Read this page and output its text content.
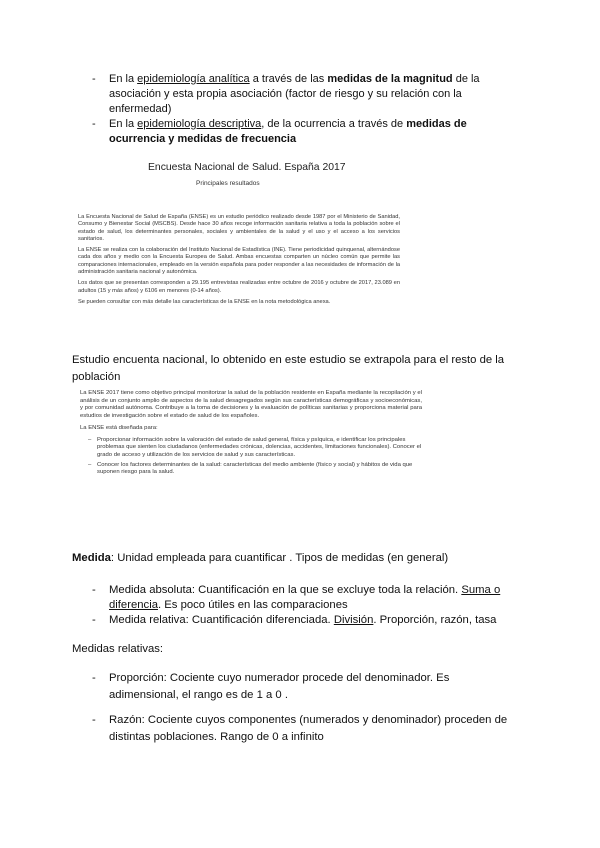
- En la epidemiología analítica a través de las medidas de la magnitud de la asociación y esta propia asociación (factor de riesgo y su relación con la enfermedad)
- En la epidemiología descriptiva, de la ocurrencia a través de medidas de ocurrencia y medidas de frecuencia
Encuesta Nacional de Salud. España 2017
Principales resultados

La Encuesta Nacional de Salud de España (ENSE) es un estudio periódico realizado desde 1987 por el Ministerio de Sanidad, Consumo y Bienestar Social (MSCBS). Desde hace 30 años recoge información sanitaria relativa a toda la población sobre el estado de salud, los determinantes personales, sociales y ambientales de la salud y el uso y el acceso a los servicios sanitarios.

La ENSE se realiza con la colaboración del Instituto Nacional de Estadística (INE). Tiene periodicidad quinquenal, alternándose cada dos años y medio con la Encuesta Europea de Salud. Ambas encuestas comparten un núcleo común que permite las comparaciones internacionales, empleado en la versión española para poder responder a las necesidades de información de la administración sanitaria nacional y autonómica.

Los datos que se presentan corresponden a 29.195 entrevistas realizadas entre octubre de 2016 y octubre de 2017, 23.089 en adultos (15 y más años) y 6106 en menores (0-14 años).

Se pueden consultar con más detalle las características de la ENSE en la nota metodológica anexa.

Estudio encuenta nacional, lo obtenido en este estudio se extrapola para el resto de la población

La ENSE 2017 tiene como objetivo principal monitorizar la salud de la población residente en España mediante la recopilación y el análisis de un conjunto amplio de aspectos de la salud desagregados según sus características demográficas y socioeconómicas, y por comunidad autónoma. Contribuye a la toma de decisiones y la evaluación de políticas sanitarias y proporciona material para estudios de investigación sobre el estado de salud de los españoles.

La ENSE está diseñada para:

– Proporcionar información sobre la valoración del estado de salud general, física y psíquica, e identificar los principales problemas que sienten los ciudadanos (enfermedades crónicas, dolencias, accidentes, limitaciones funcionales). Conocer el grado de acceso y utilización de los servicios de salud y sus características.
– Conocer los factores determinantes de la salud: características del medio ambiente (físico y social) y hábitos de vida que suponen riesgo para la salud.
Medida: Unidad empleada para cuantificar . Tipos de medidas (en general)
- Medida absoluta: Cuantificación en la que se excluye toda la relación. Suma o diferencia. Es poco útiles en las comparaciones
- Medida relativa: Cuantificación diferenciada. División. Proporción, razón, tasa
Medidas relativas:
- Proporción: Cociente cuyo numerador procede del denominador. Es adimensional, el rango es de 1 a 0 .
- Razón: Cociente cuyos componentes (numerados y denominador) proceden de distintas poblaciones. Rango de 0 a infinito
